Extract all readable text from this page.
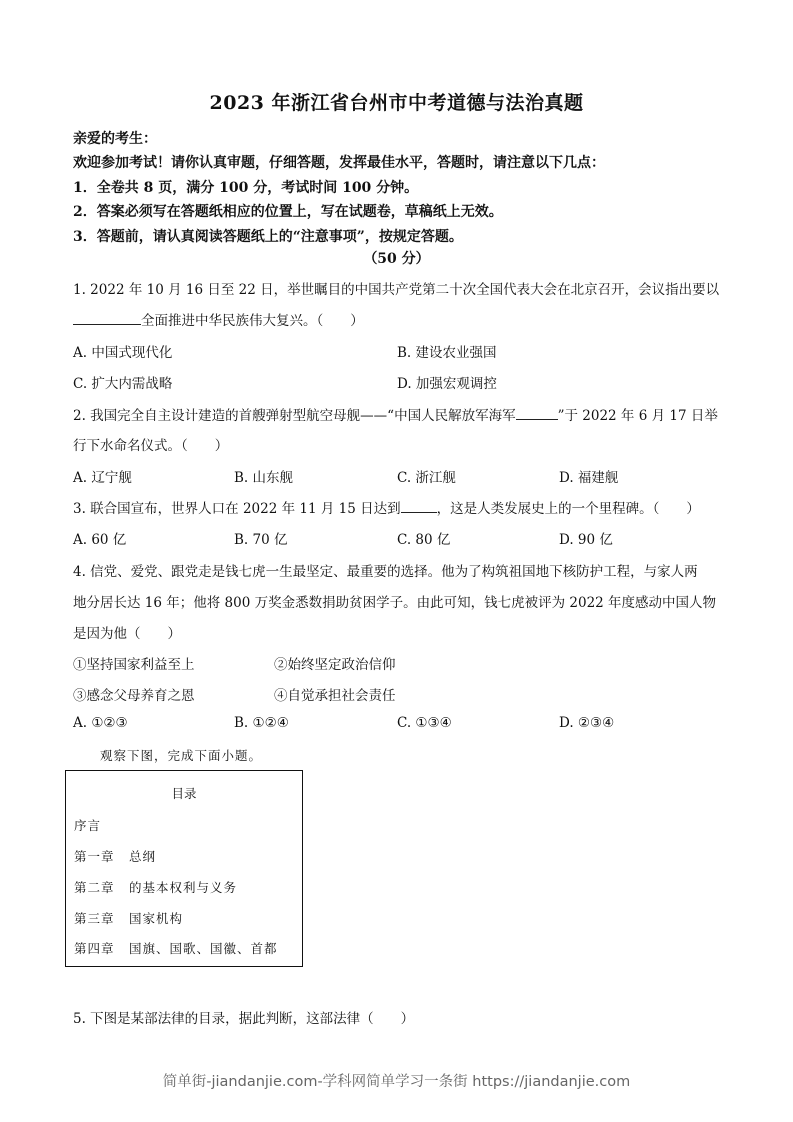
2023 年浙江省台州市中考道德与法治真题
亲爱的考生：
欢迎参加考试！请你认真审题，仔细答题，发挥最佳水平，答题时，请注意以下几点：
1．全卷共 8 页，满分 100 分，考试时间 100 分钟。
2．答案必须写在答题纸相应的位置上，写在试题卷，草稿纸上无效。
3．答题前，请认真阅读答题纸上的“注意事项”，按规定答题。
（50 分）
1. 2022 年 10 月 16 日至 22 日，举世瞩目的中国共产党第二十次全国代表大会在北京召开，会议指出要以
全面推进中华民族伟大复兴。（　　）
A. 中国式现代化	B. 建设农业强国
C. 扩大内需战略	D. 加强宏观调控
2. 我国完全自主设计建造的首艘弹射型航空母舰——“中国人民解放军海军	”于 2022 年 6 月 17 日举
行下水命名仪式。（　　）
A. 辽宁舰	B. 山东舰	C. 浙江舰	D. 福建舰
3. 联合国宣布，世界人口在 2022 年 11 月 15 日达到	，这是人类发展史上的一个里程碑。（　　）
A. 60 亿	B. 70 亿	C. 80 亿	D. 90 亿
4. 信党、爱党、跟党走是钱七虎一生最坚定、最重要的选择。他为了构筑祖国地下核防护工程，与家人两
地分居长达 16 年；他将 800 万奖金悉数捐助贫困学子。由此可知，钱七虎被评为 2022 年度感动中国人物
是因为他（　　）
①坚持国家利益至上	②始终坚定政治信仰
③感念父母养育之恩	④自觉承担社会责任
A. ①②③	B. ①②④	C. ①③④	D. ②③④
观察下图，完成下面小题。
目录
序言
第一章 总纲
第二章 的基本权利与义务
第三章 国家机构
第四章 国旗、国歌、国徽、首都
5. 下图是某部法律的目录，据此判断，这部法律（　　）
简单街-jiandanjie.com-学科网简单学习一条街 https://jiandanjie.com
